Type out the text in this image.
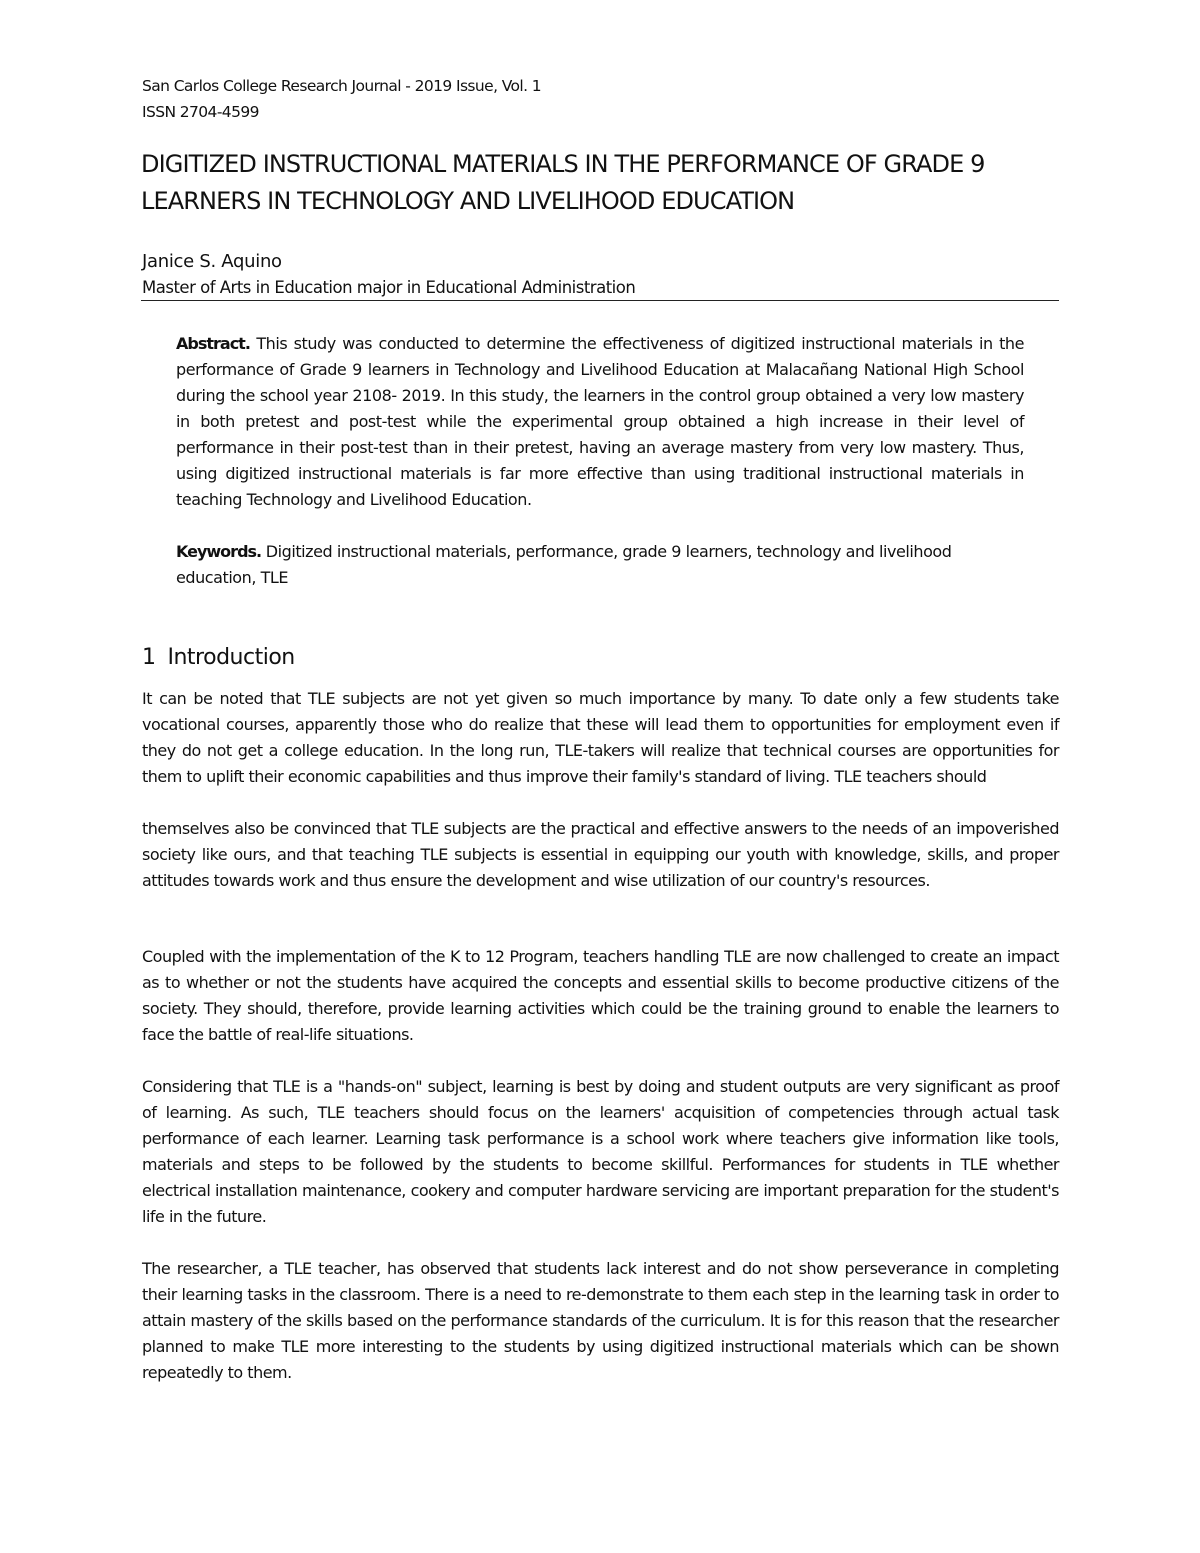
San Carlos College Research Journal - 2019 Issue, Vol. 1
ISSN 2704-4599
DIGITIZED INSTRUCTIONAL MATERIALS IN THE PERFORMANCE OF GRADE 9 LEARNERS IN TECHNOLOGY AND LIVELIHOOD EDUCATION
Janice S. Aquino
Master of Arts in Education major in Educational Administration

Abstract. This study was conducted to determine the effectiveness of digitized instructional materials in the performance of Grade 9 learners in Technology and Livelihood Education at Malacañang National High School during the school year 2108- 2019. In this study, the learners in the control group obtained a very low mastery in both pretest and post-test while the experimental group obtained a high increase in their level of performance in their post-test than in their pretest, having an average mastery from very low mastery. Thus, using digitized instructional materials is far more effective than using traditional instructional materials in teaching Technology and Livelihood Education.

Keywords. Digitized instructional materials, performance, grade 9 learners, technology and livelihood education, TLE

1 Introduction

It can be noted that TLE subjects are not yet given so much importance by many. To date only a few students take vocational courses, apparently those who do realize that these will lead them to opportunities for employment even if they do not get a college education. In the long run, TLE-takers will realize that technical courses are opportunities for them to uplift their economic capabilities and thus improve their family's standard of living. TLE teachers should

themselves also be convinced that TLE subjects are the practical and effective answers to the needs of an impoverished society like ours, and that teaching TLE subjects is essential in equipping our youth with knowledge, skills, and proper attitudes towards work and thus ensure the development and wise utilization of our country's resources.

Coupled with the implementation of the K to 12 Program, teachers handling TLE are now challenged to create an impact as to whether or not the students have acquired the concepts and essential skills to become productive citizens of the society. They should, therefore, provide learning activities which could be the training ground to enable the learners to face the battle of real-life situations.

Considering that TLE is a "hands-on" subject, learning is best by doing and student outputs are very significant as proof of learning. As such, TLE teachers should focus on the learners' acquisition of competencies through actual task performance of each learner. Learning task performance is a school work where teachers give information like tools, materials and steps to be followed by the students to become skillful. Performances for students in TLE whether electrical installation maintenance, cookery and computer hardware servicing are important preparation for the student's life in the future.

The researcher, a TLE teacher, has observed that students lack interest and do not show perseverance in completing their learning tasks in the classroom. There is a need to re-demonstrate to them each step in the learning task in order to attain mastery of the skills based on the performance standards of the curriculum. It is for this reason that the researcher planned to make TLE more interesting to the students by using digitized instructional materials which can be shown repeatedly to them.
